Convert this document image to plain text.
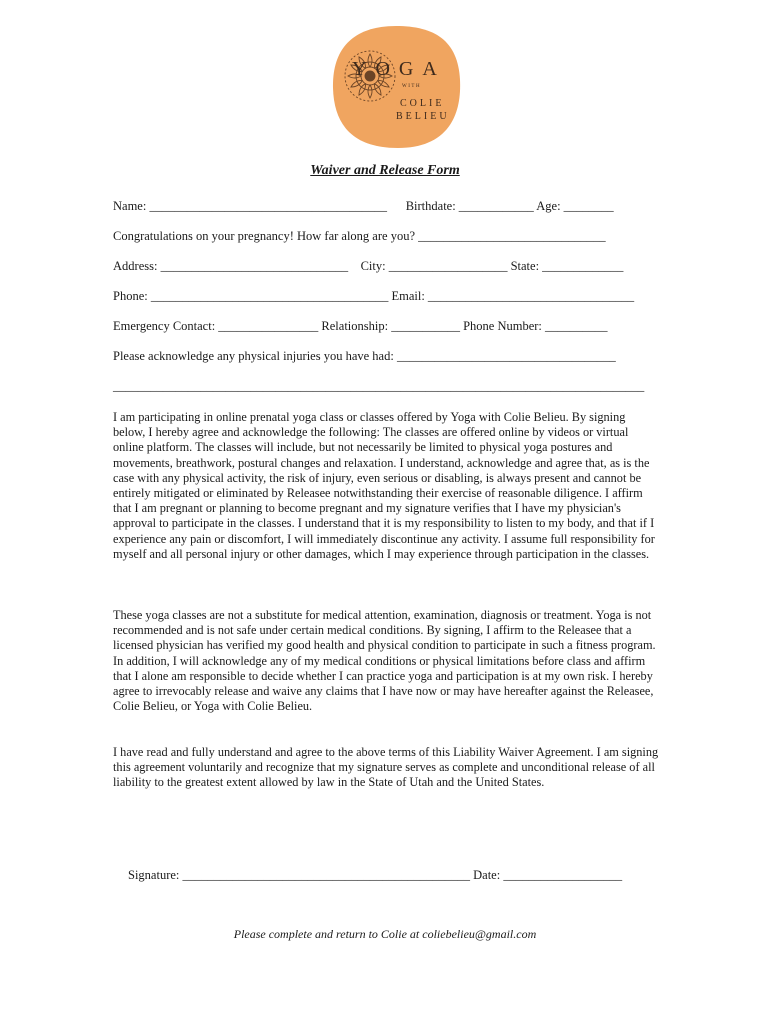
YOGA
WITH
COLIE
BELIEU
Waiver and Release Form
Name: ______________________________________      Birthdate: ____________ Age: ________
Congratulations on your pregnancy! How far along are you? ______________________________
Address: ______________________________    City: ___________________ State: _____________
Phone: ______________________________________ Email: _________________________________
Emergency Contact: ________________ Relationship: ___________ Phone Number: __________
Please acknowledge any physical injuries you have had: ___________________________________
_____________________________________________________________________________________
I am participating in online prenatal yoga class or classes offered by Yoga with Colie Belieu. By signing below, I hereby agree and acknowledge the following: The classes are offered online by videos or virtual online platform. The classes will include, but not necessarily be limited to physical yoga postures and movements, breathwork, postural changes and relaxation. I understand, acknowledge and agree that, as is the case with any physical activity, the risk of injury, even serious or disabling, is always present and cannot be entirely mitigated or eliminated by Releasee notwithstanding their exercise of reasonable diligence. I affirm that I am pregnant or planning to become pregnant and my signature verifies that I have my physician's approval to participate in the classes. I understand that it is my responsibility to listen to my body, and that if I experience any pain or discomfort, I will immediately discontinue any activity. I assume full responsibility for myself and all personal injury or other damages, which I may experience through participation in the classes.
These yoga classes are not a substitute for medical attention, examination, diagnosis or treatment. Yoga is not recommended and is not safe under certain medical conditions. By signing, I affirm to the Releasee that a licensed physician has verified my good health and physical condition to participate in such a fitness program. In addition, I will acknowledge any of my medical conditions or physical limitations before class and affirm that I alone am responsible to decide whether I can practice yoga and participation is at my own risk. I hereby agree to irrevocably release and waive any claims that I have now or may have hereafter against the Releasee, Colie Belieu, or Yoga with Colie Belieu.
I have read and fully understand and agree to the above terms of this Liability Waiver Agreement. I am signing this agreement voluntarily and recognize that my signature serves as complete and unconditional release of all liability to the greatest extent allowed by law in the State of Utah and the United States.
Signature: ______________________________________________ Date: ___________________
Please complete and return to Colie at coliebelieu@gmail.com
